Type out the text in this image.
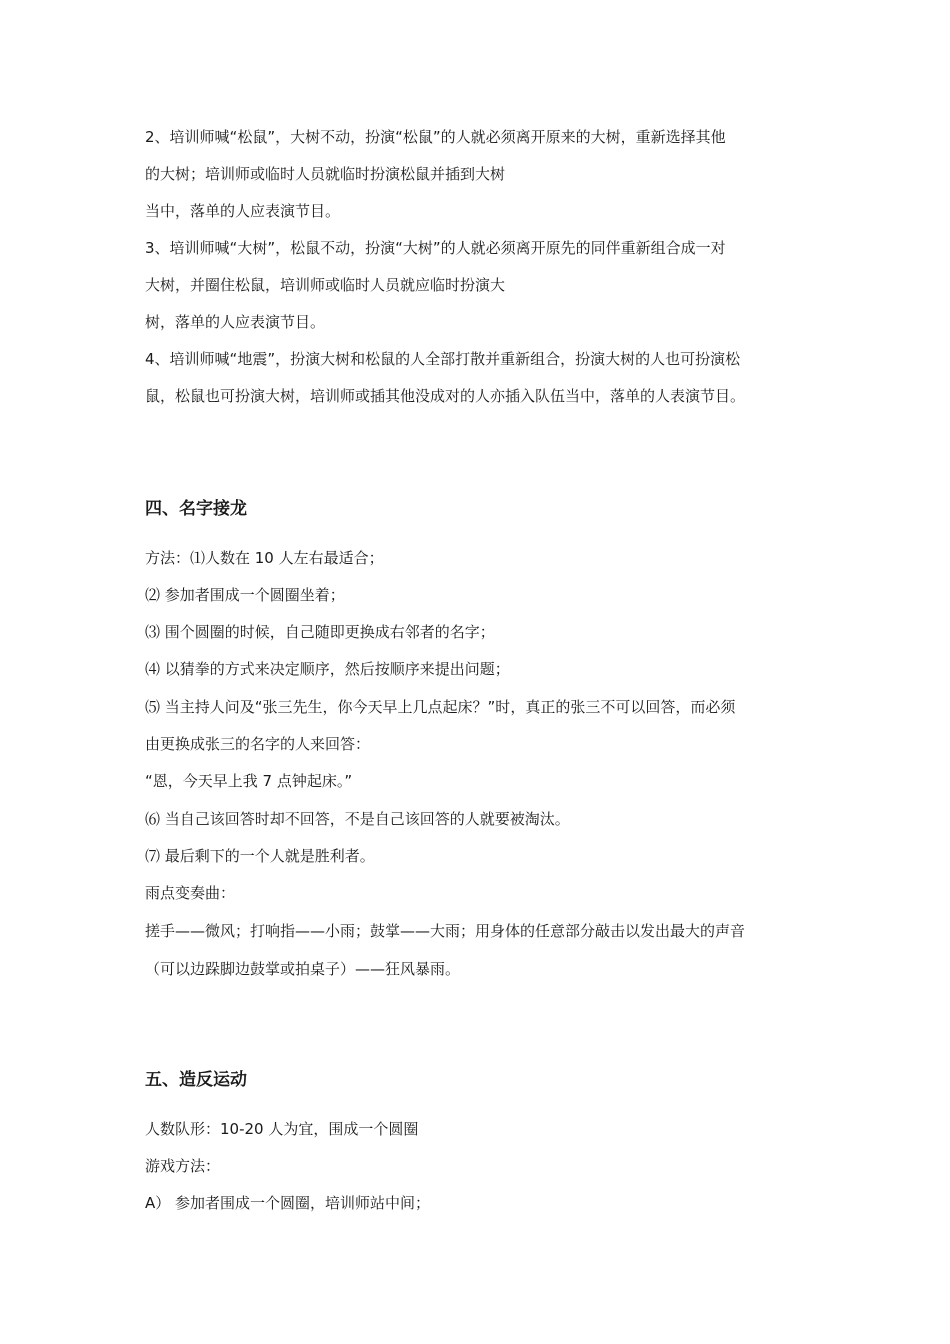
2、培训师喊“松鼠”，大树不动，扮演“松鼠”的人就必须离开原来的大树，重新选择其他
的大树；培训师或临时人员就临时扮演松鼠并插到大树
当中，落单的人应表演节目。
3、培训师喊“大树”，松鼠不动，扮演“大树”的人就必须离开原先的同伴重新组合成一对
大树，并圈住松鼠，培训师或临时人员就应临时扮演大
树，落单的人应表演节目。
4、培训师喊“地震”，扮演大树和松鼠的人全部打散并重新组合，扮演大树的人也可扮演松
鼠，松鼠也可扮演大树，培训师或插其他没成对的人亦插入队伍当中，落单的人表演节目。
四、名字接龙
方法：⑴人数在 10 人左右最适合；
⑵ 参加者围成一个圆圈坐着；
⑶ 围个圆圈的时候，自己随即更换成右邻者的名字；
⑷ 以猜拳的方式来决定顺序，然后按顺序来提出问题；
⑸ 当主持人问及“张三先生，你今天早上几点起床？”时，真正的张三不可以回答，而必须
由更换成张三的名字的人来回答：
“恩，今天早上我 7 点钟起床。”
⑹ 当自己该回答时却不回答，不是自己该回答的人就要被淘汰。
⑺ 最后剩下的一个人就是胜利者。
雨点变奏曲：
搓手——微风；打响指——小雨；鼓掌——大雨；用身体的任意部分敲击以发出最大的声音
（可以边跺脚边鼓掌或拍桌子）——狂风暴雨。
五、造反运动
人数队形：10-20 人为宜，围成一个圆圈
游戏方法：
A） 参加者围成一个圆圈，培训师站中间；
